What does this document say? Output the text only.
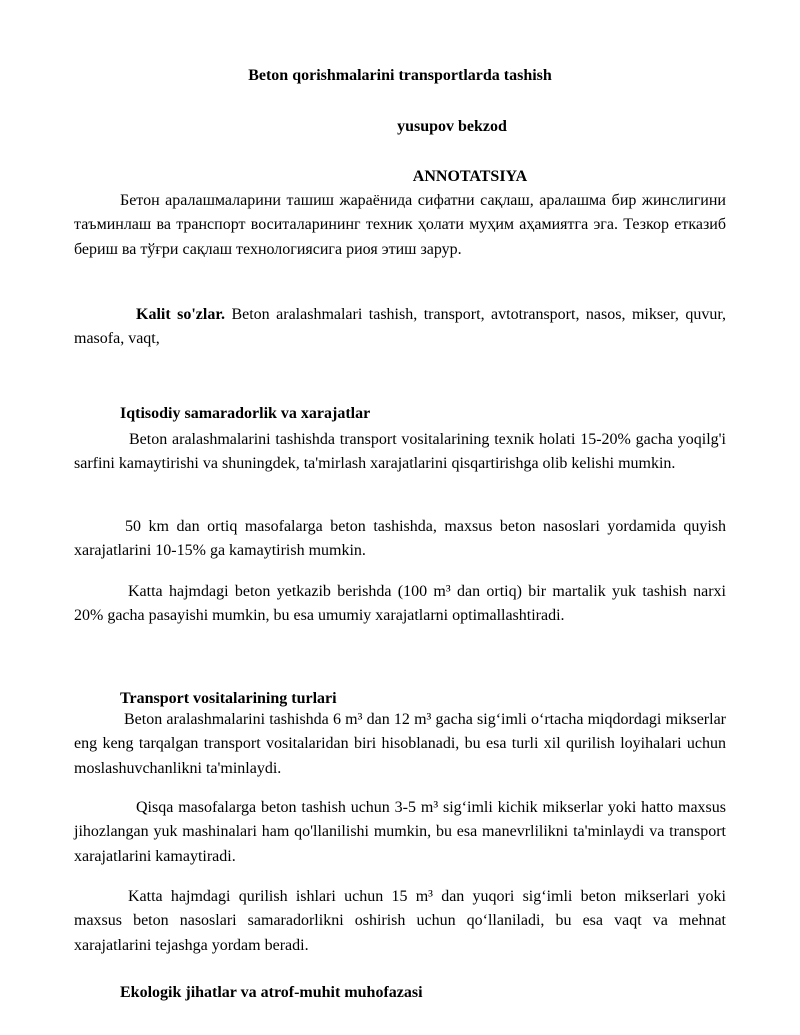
Beton qorishmalarini transportlarda tashish
yusupov bekzod
ANNOTATSIYA

Бетон аралашмаларини ташиш жараёнида сифатни сақлаш, аралашма бир жинслигини таъминлаш ва транспорт воситаларининг техник ҳолати муҳим аҳамиятга эга. Тезкор етказиб бериш ва тўғри сақлаш технологиясига риоя этиш зарур.

Kalit so'zlar. Beton aralashmalari tashish, transport, avtotransport, nasos, mikser, quvur, masofa, vaqt,

Iqtisodiy samaradorlik va xarajatlar

Beton aralashmalarini tashishda transport vositalarining texnik holati 15-20% gacha yoqilg'i sarfini kamaytirishi va shuningdek, ta'mirlash xarajatlarini qisqartirishga olib kelishi mumkin.

50 km dan ortiq masofalarga beton tashishda, maxsus beton nasoslari yordamida quyish xarajatlarini 10-15% ga kamaytirish mumkin.

Katta hajmdagi beton yetkazib berishda (100 m³ dan ortiq) bir martalik yuk tashish narxi 20% gacha pasayishi mumkin, bu esa umumiy xarajatlarni optimallashtiradi.

Transport vositalarining turlari

Beton aralashmalarini tashishda 6 m³ dan 12 m³ gacha sig‘imli o‘rtacha miqdordagi mikserlar eng keng tarqalgan transport vositalaridan biri hisoblanadi, bu esa turli xil qurilish loyihalari uchun moslashuvchanlikni ta'minlaydi.

Qisqa masofalarga beton tashish uchun 3-5 m³ sig‘imli kichik mikserlar yoki hatto maxsus jihozlangan yuk mashinalari ham qo'llanilishi mumkin, bu esa manevrlilikni ta'minlaydi va transport xarajatlarini kamaytiradi.

Katta hajmdagi qurilish ishlari uchun 15 m³ dan yuqori sig‘imli beton mikserlari yoki maxsus beton nasoslari samaradorlikni oshirish uchun qo‘llaniladi, bu esa vaqt va mehnat xarajatlarini tejashga yordam beradi.

Ekologik jihatlar va atrof-muhit muhofazasi
